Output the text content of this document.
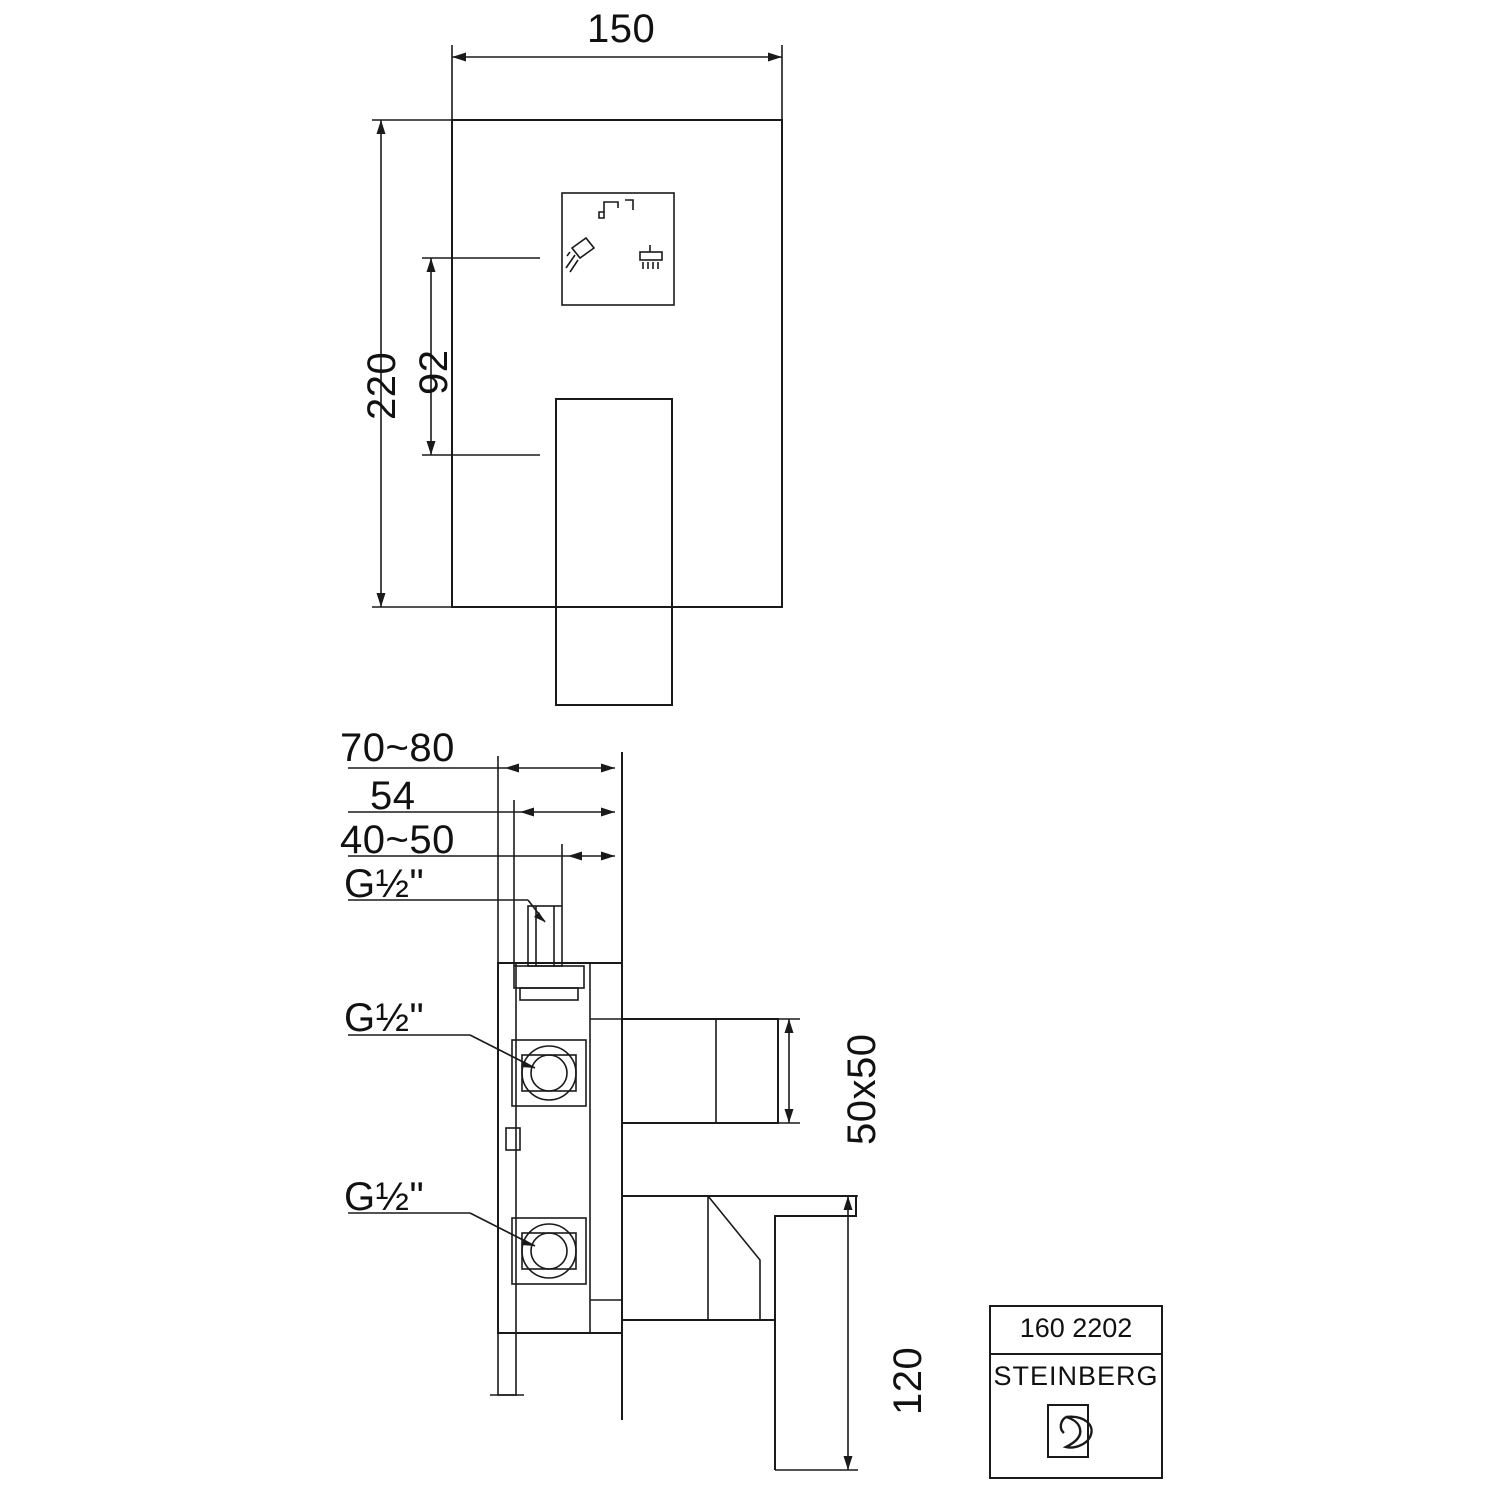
150
220 92
70~80
54
40~50
G½"
G½"
G½"
50x50
120
160 2202
STEINBERG
